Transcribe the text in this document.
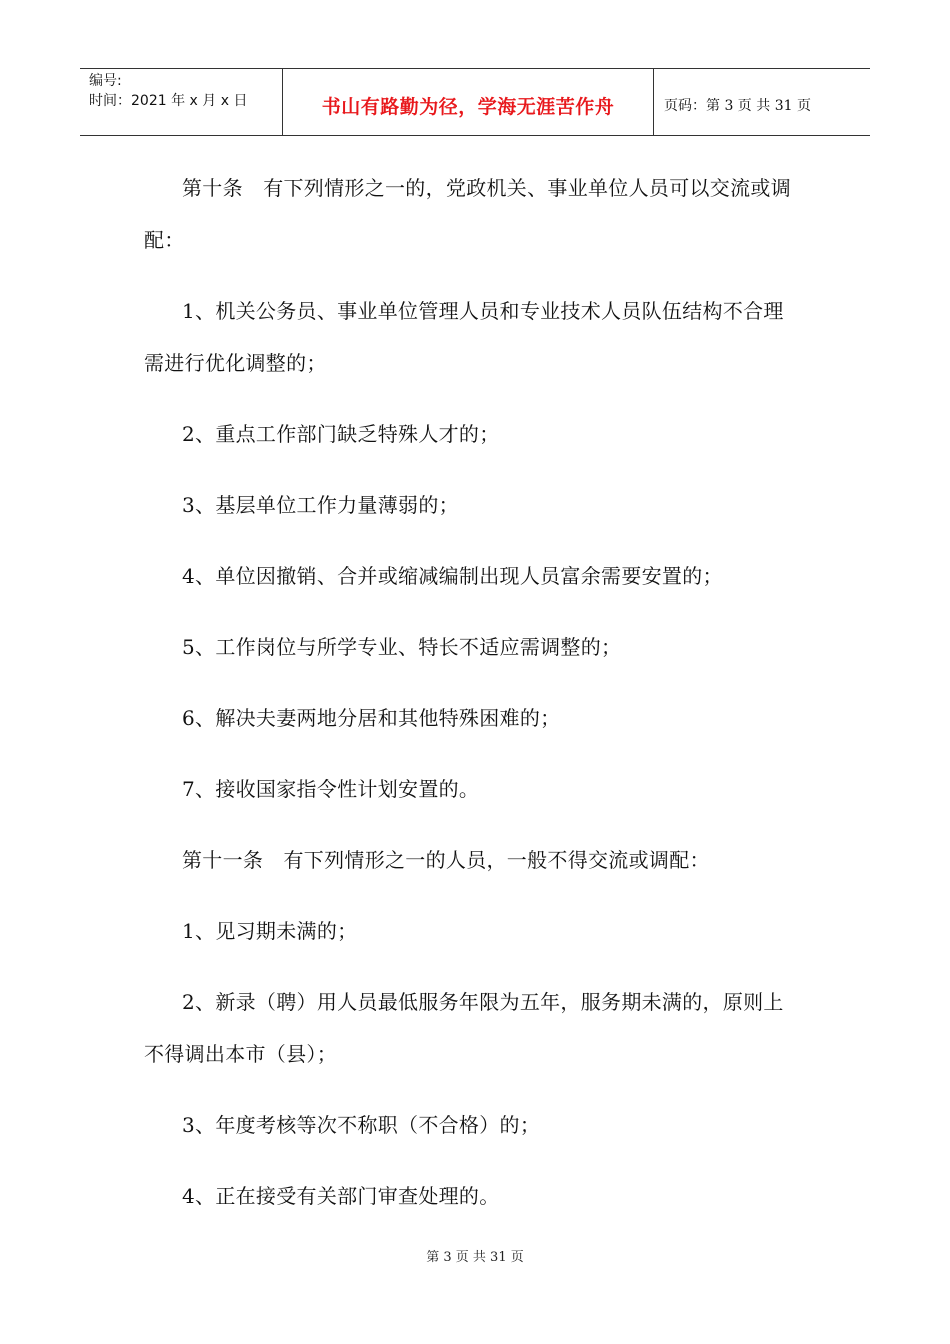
编号:
时间：2021 年 x 月 x 日	书山有路勤为径，学海无涯苦作舟	页码：第 3 页 共 31 页

第十条　有下列情形之一的，党政机关、事业单位人员可以交流或调配：

1、机关公务员、事业单位管理人员和专业技术人员队伍结构不合理需进行优化调整的；

2、重点工作部门缺乏特殊人才的；

3、基层单位工作力量薄弱的；

4、单位因撤销、合并或缩减编制出现人员富余需要安置的；

5、工作岗位与所学专业、特长不适应需调整的；

6、解决夫妻两地分居和其他特殊困难的；

7、接收国家指令性计划安置的。

第十一条　有下列情形之一的人员，一般不得交流或调配：

1、见习期未满的；

2、新录（聘）用人员最低服务年限为五年，服务期未满的，原则上不得调出本市（县）；

3、年度考核等次不称职（不合格）的；

4、正在接受有关部门审查处理的。

第 3 页 共 31 页
